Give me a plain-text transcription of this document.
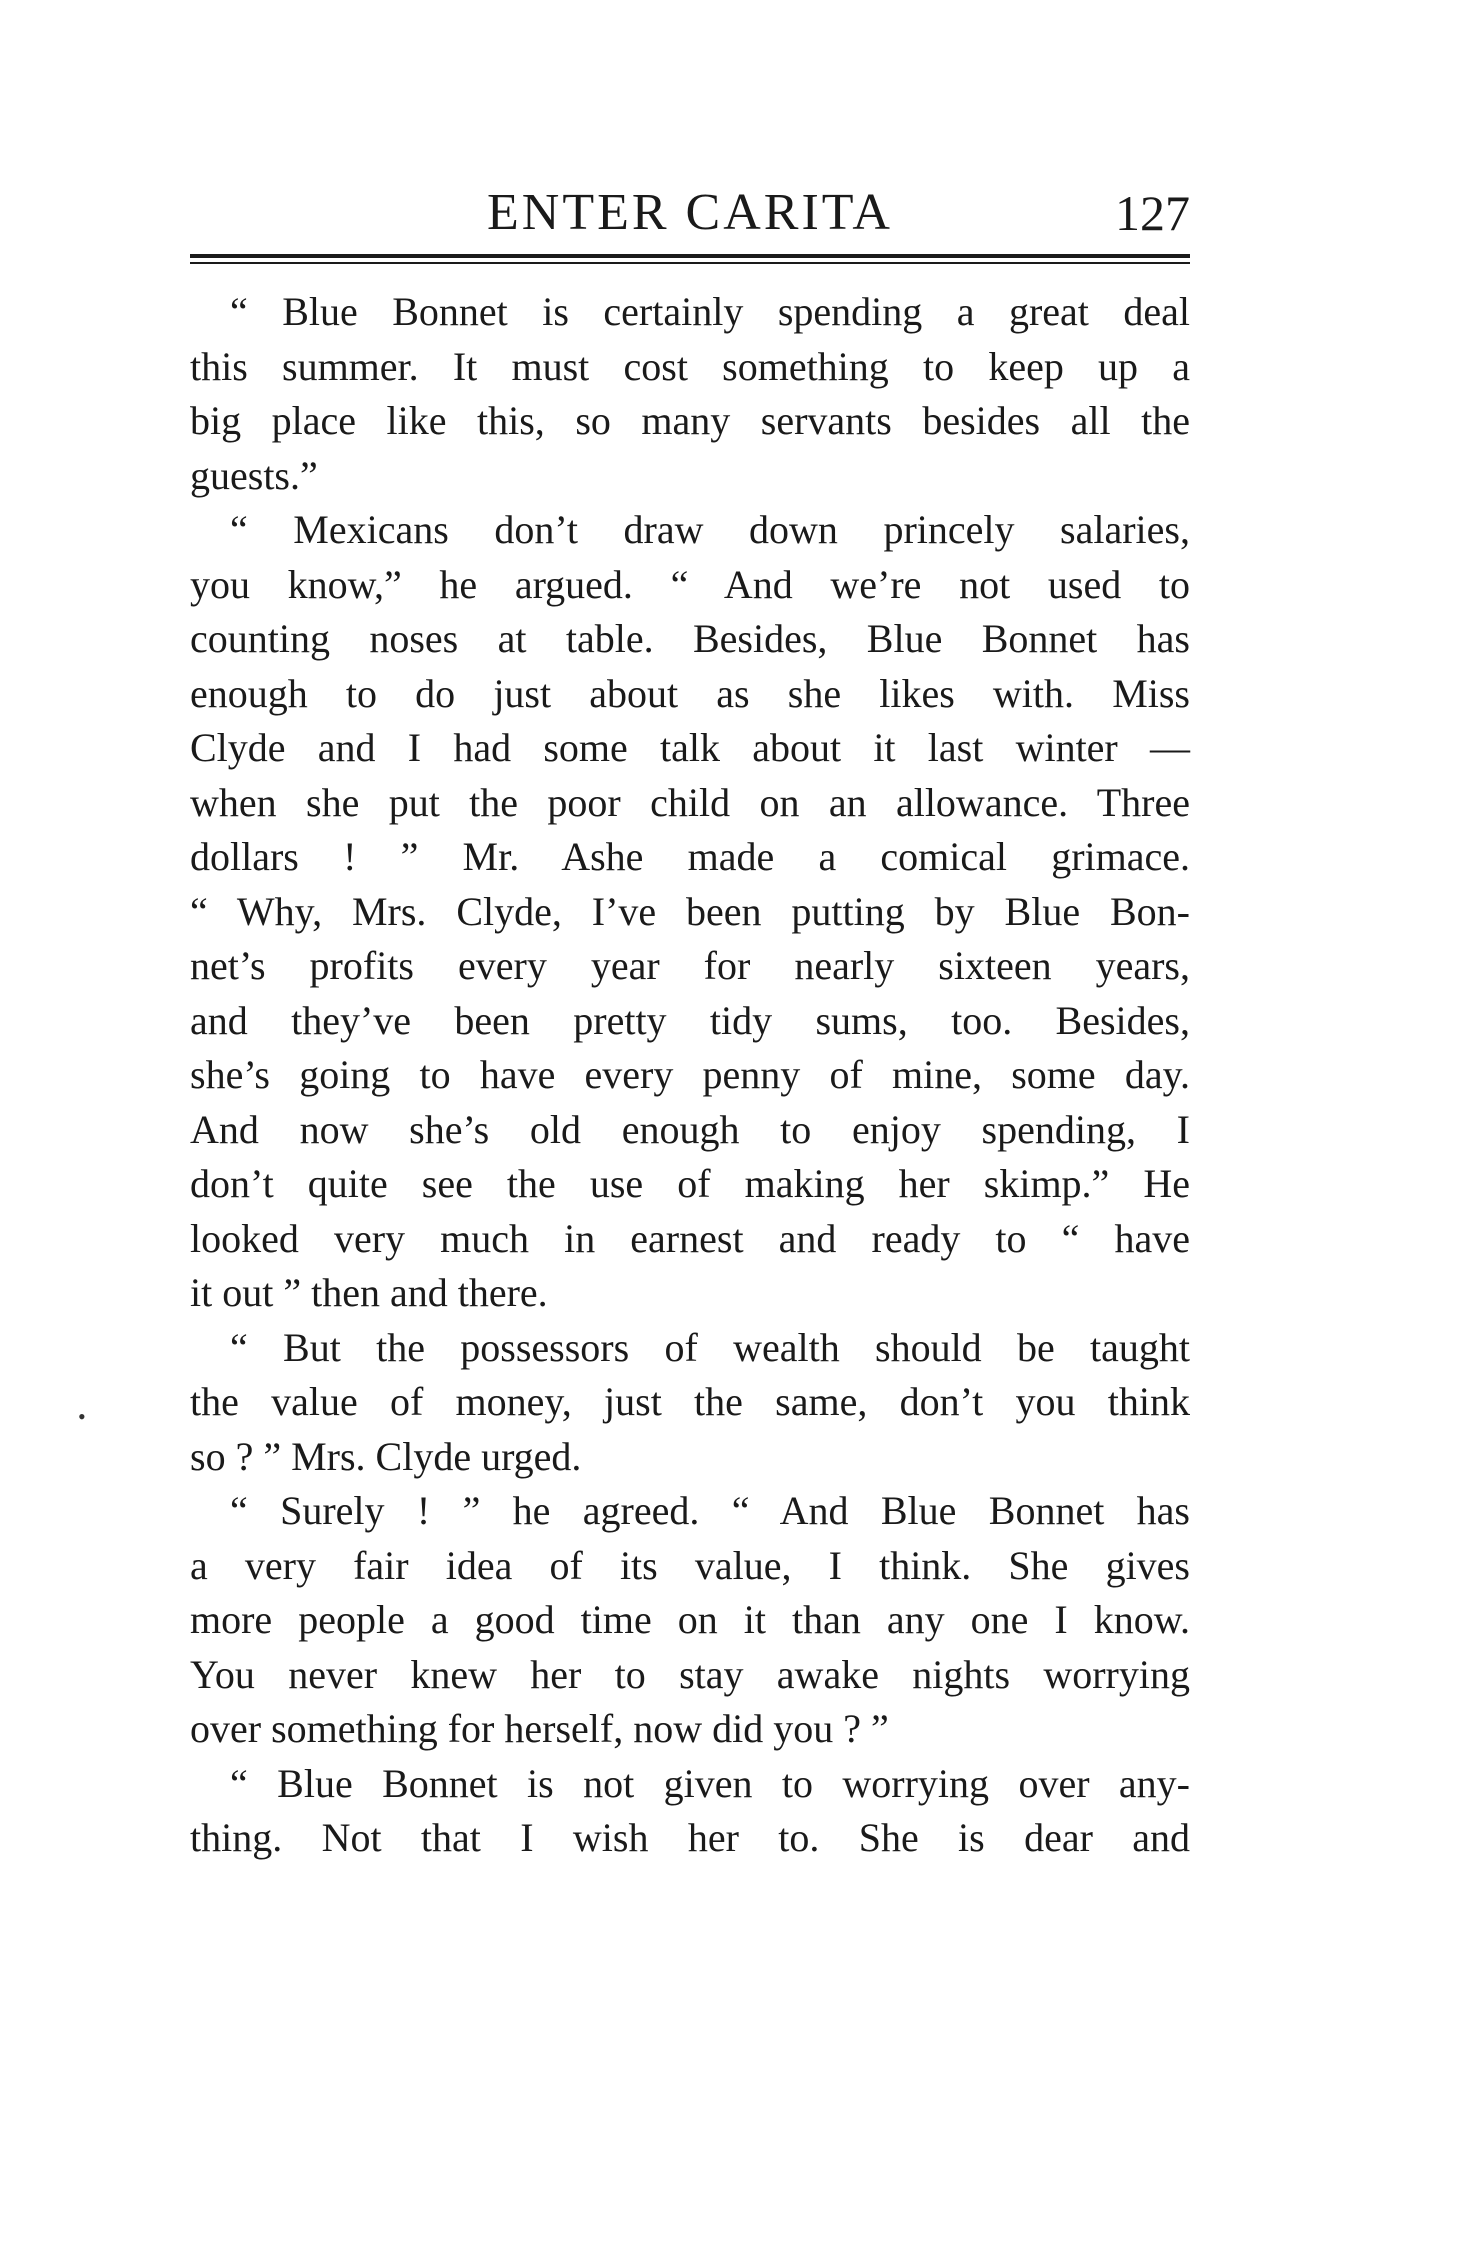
ENTER CARITA	127
“ Blue Bonnet is certainly spending a great deal
this summer. It must cost something to keep up a
big place like this, so many servants besides all the
guests.”
“ Mexicans don’t draw down princely salaries,
you know,” he argued. “ And we’re not used to
counting noses at table. Besides, Blue Bonnet has
enough to do just about as she likes with. Miss
Clyde and I had some talk about it last winter —
when she put the poor child on an allowance. Three
dollars ! ” Mr. Ashe made a comical grimace.
“ Why, Mrs. Clyde, I’ve been putting by Blue Bon-
net’s profits every year for nearly sixteen years,
and they’ve been pretty tidy sums, too. Besides,
she’s going to have every penny of mine, some day.
And now she’s old enough to enjoy spending, I
don’t quite see the use of making her skimp.” He
looked very much in earnest and ready to “ have
it out ” then and there.
“ But the possessors of wealth should be taught
the value of money, just the same, don’t you think
so ? ” Mrs. Clyde urged.
“ Surely ! ” he agreed. “ And Blue Bonnet has
a very fair idea of its value, I think. She gives
more people a good time on it than any one I know.
You never knew her to stay awake nights worrying
over something for herself, now did you ? ”
“ Blue Bonnet is not given to worrying over any-
thing. Not that I wish her to. She is dear and
•
